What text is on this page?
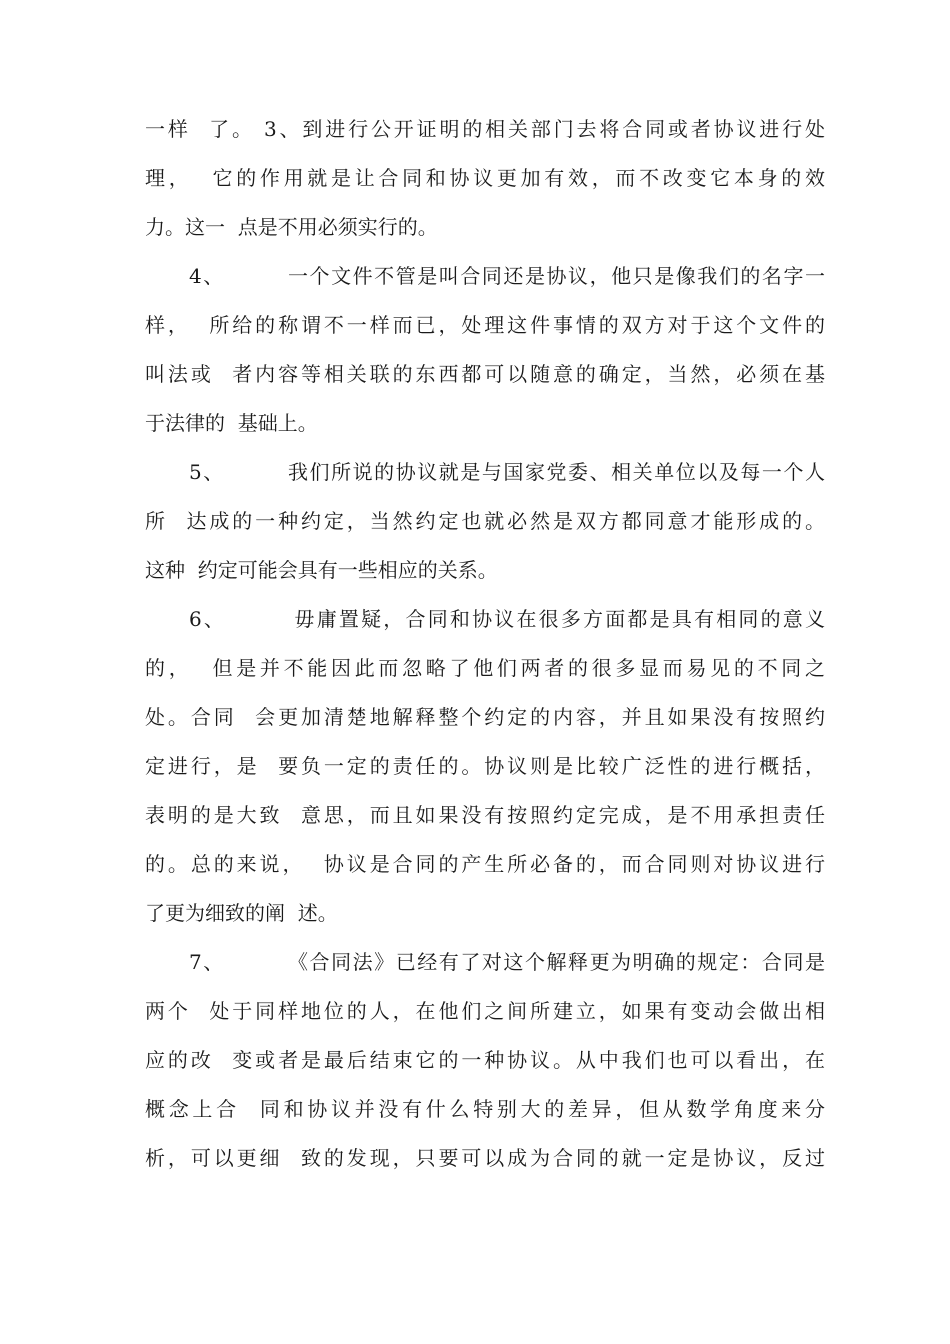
一样  了。 3、到进行公开证明的相关部门去将合同或者协议进行处
理，  它的作用就是让合同和协议更加有效，而不改变它本身的效
力。这一  点是不用必须实行的。
4、        一个文件不管是叫合同还是协议，他只是像我们的名字一
样，  所给的称谓不一样而已，处理这件事情的双方对于这个文件的
叫法或  者内容等相关联的东西都可以随意的确定，当然，必须在基
于法律的  基础上。
5、        我们所说的协议就是与国家党委、相关单位以及每一个人
所  达成的一种约定，当然约定也就必然是双方都同意才能形成的。
这种  约定可能会具有一些相应的关系。
6、        毋庸置疑，合同和协议在很多方面都是具有相同的意义
的，  但是并不能因此而忽略了他们两者的很多显而易见的不同之
处。合同  会更加清楚地解释整个约定的内容，并且如果没有按照约
定进行，是  要负一定的责任的。协议则是比较广泛性的进行概括，
表明的是大致  意思，而且如果没有按照约定完成，是不用承担责任
的。总的来说，  协议是合同的产生所必备的，而合同则对协议进行
了更为细致的阐  述。
7、        《合同法》已经有了对这个解释更为明确的规定：合同是
两个  处于同样地位的人，在他们之间所建立，如果有变动会做出相
应的改  变或者是最后结束它的一种协议。从中我们也可以看出，在
概念上合  同和协议并没有什么特别大的差异，但从数学角度来分
析，可以更细  致的发现，只要可以成为合同的就一定是协议，反过
